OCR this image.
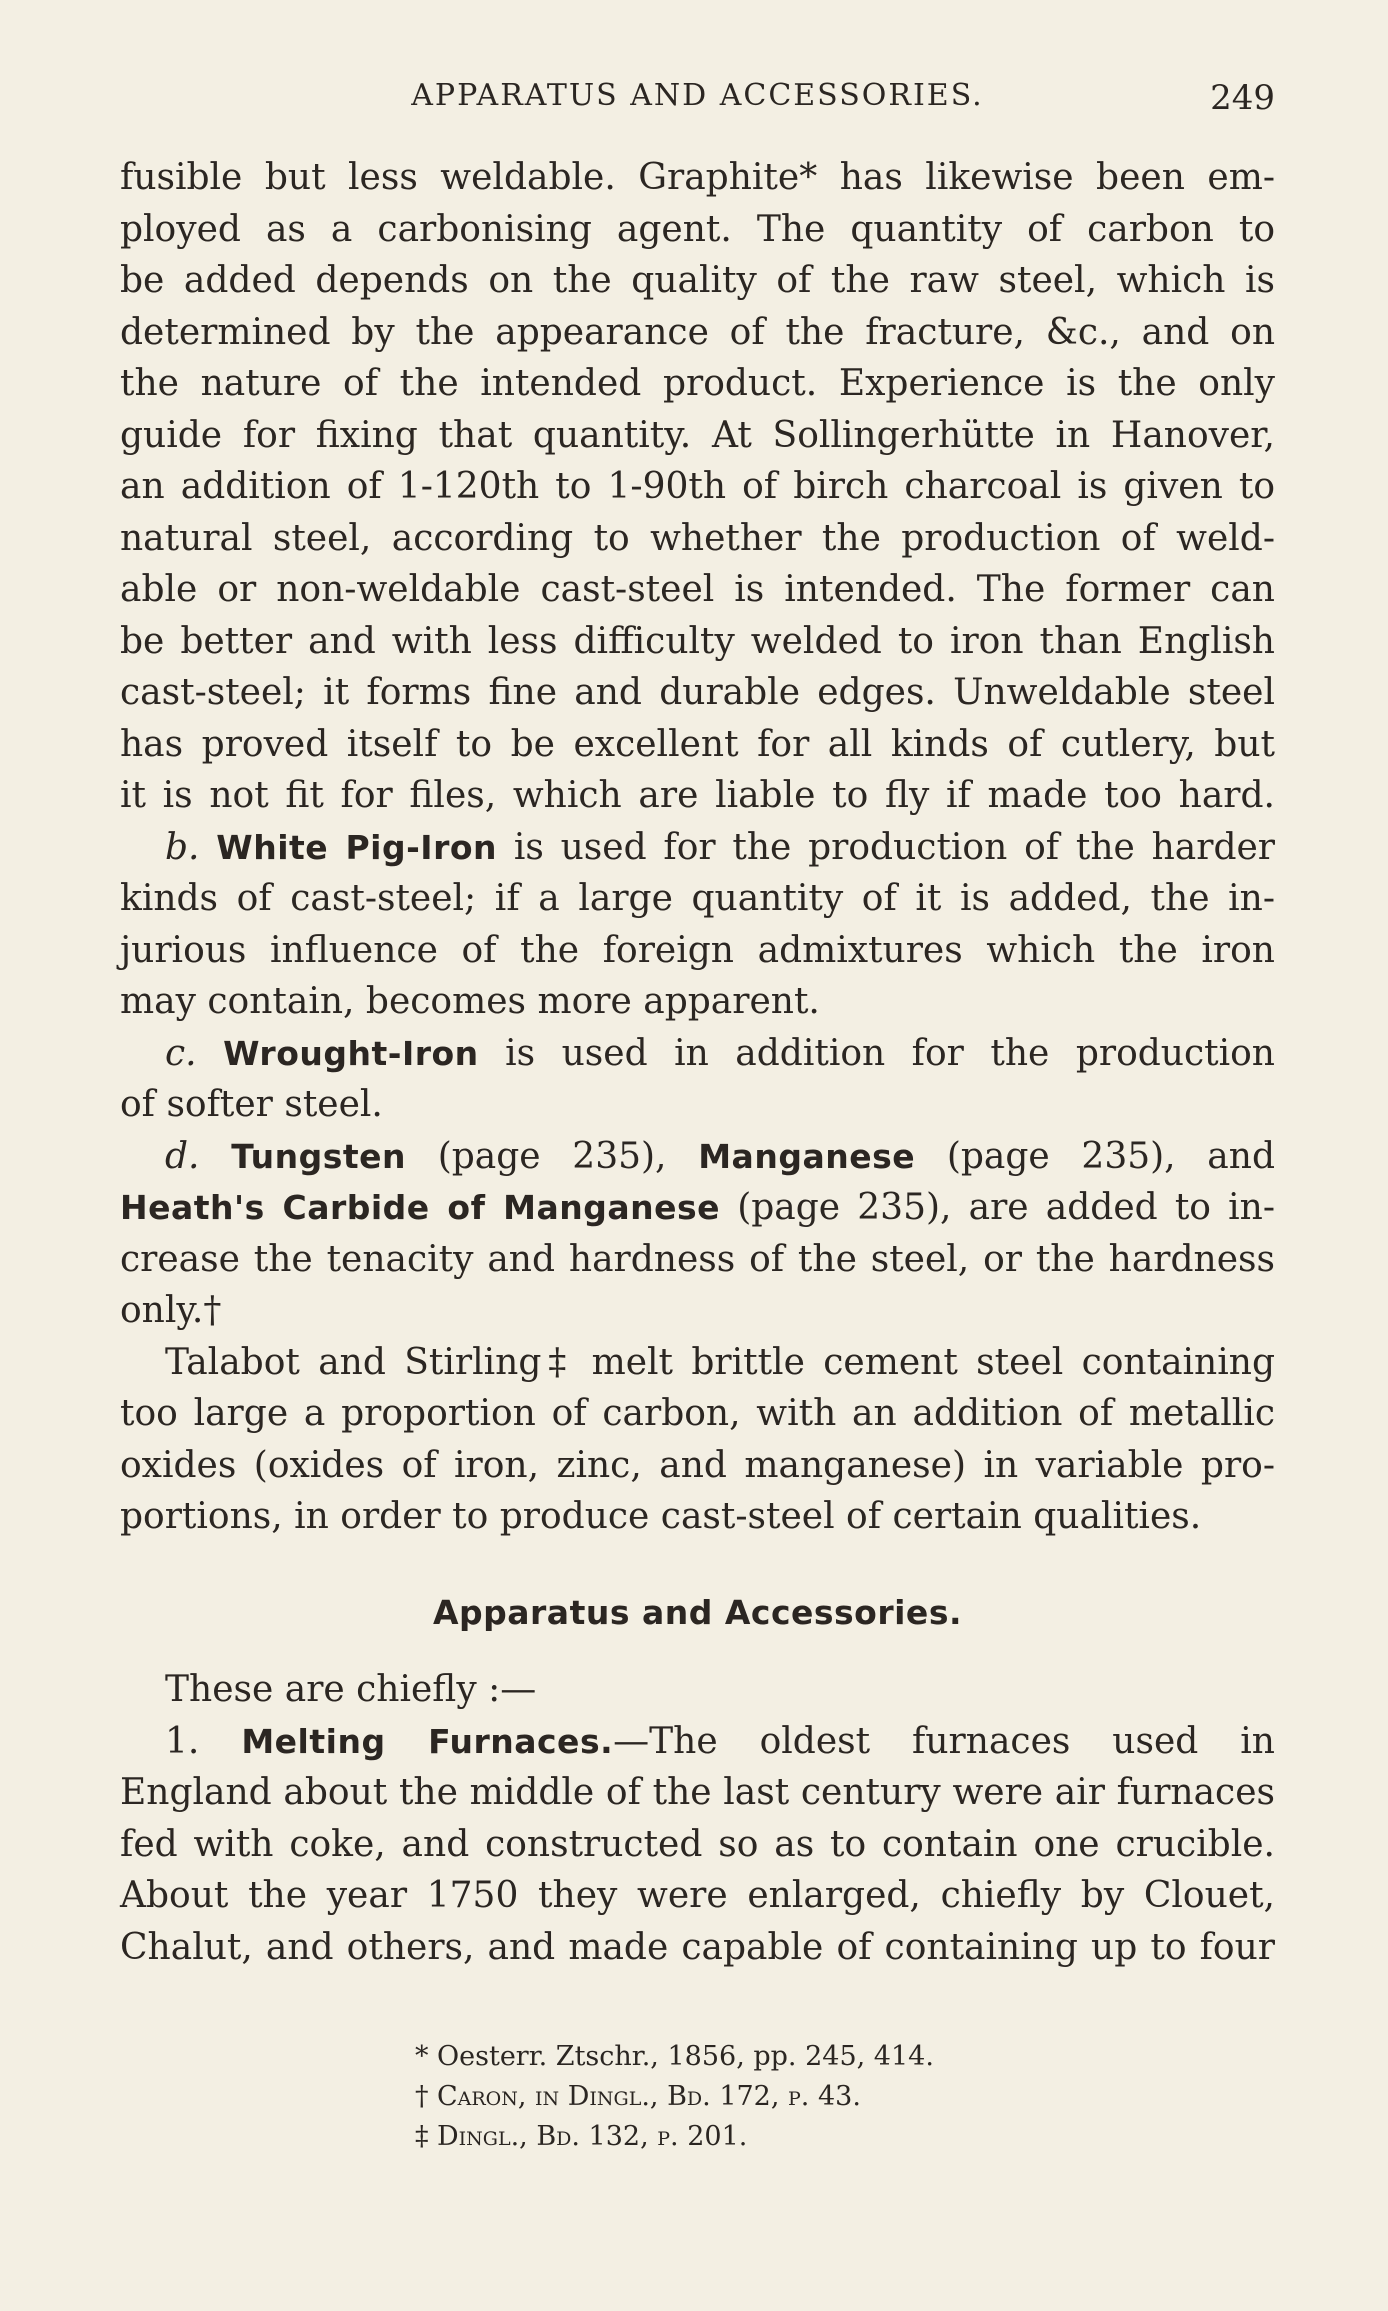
APPARATUS AND ACCESSORIES.	249

fusible but less weldable. Graphite* has likewise been em-

ployed as a carbonising agent. The quantity of carbon to

be added depends on the quality of the raw steel, which is

determined by the appearance of the fracture, &c., and on

the nature of the intended product. Experience is the only

guide for fixing that quantity. At Sollingerhütte in Hanover,

an addition of 1-120th to 1-90th of birch charcoal is given to

natural steel, according to whether the production of weld-

able or non-weldable cast-steel is intended. The former can

be better and with less difficulty welded to iron than English

cast-steel; it forms fine and durable edges. Unweldable steel

has proved itself to be excellent for all kinds of cutlery, but

it is not fit for files, which are liable to fly if made too hard.

b. White Pig-Iron is used for the production of the harder

kinds of cast-steel; if a large quantity of it is added, the in-

jurious influence of the foreign admixtures which the iron

may contain, becomes more apparent.

c. Wrought-Iron is used in addition for the production

of softer steel.

d. Tungsten (page 235), Manganese (page 235), and

Heath's Carbide of Manganese (page 235), are added to in-

crease the tenacity and hardness of the steel, or the hardness

only.†

Talabot and Stirling‡ melt brittle cement steel containing

too large a proportion of carbon, with an addition of metallic

oxides (oxides of iron, zinc, and manganese) in variable pro-

portions, in order to produce cast-steel of certain qualities.

Apparatus and Accessories.

These are chiefly :—

1. Melting Furnaces.—The oldest furnaces used in

England about the middle of the last century were air furnaces

fed with coke, and constructed so as to contain one crucible.

About the year 1750 they were enlarged, chiefly by Clouet,

Chalut, and others, and made capable of containing up to four

* Oesterr. Ztschr., 1856, pp. 245, 414.
† Caron, in Dingl., Bd. 172, p. 43.
‡ Dingl., Bd. 132, p. 201.
